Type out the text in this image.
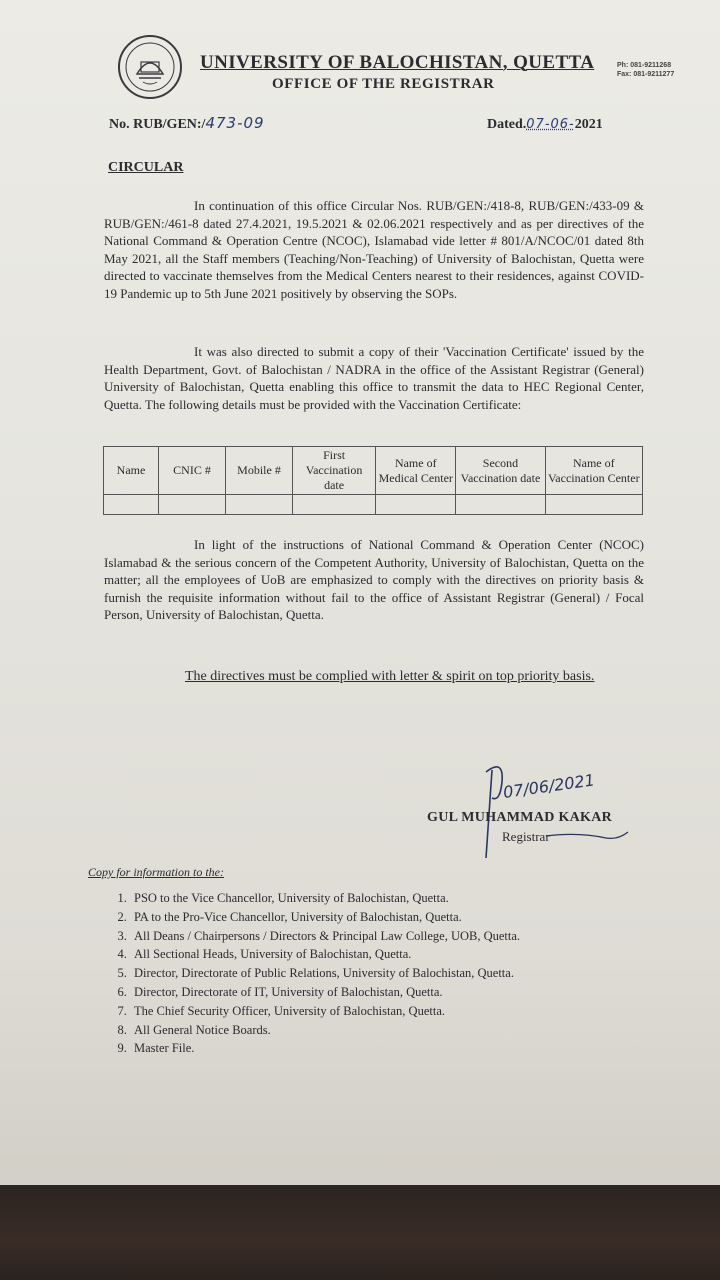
UNIVERSITY OF BALOCHISTAN, QUETTA
OFFICE OF THE REGISTRAR
Ph: 081-9211268
Fax: 081-9211277
No. RUB/GEN:/473-09	Dated.07-06-2021
CIRCULAR

In continuation of this office Circular Nos. RUB/GEN:/418-8, RUB/GEN:/433-09 & RUB/GEN:/461-8 dated 27.4.2021, 19.5.2021 & 02.06.2021 respectively and as per directives of the National Command & Operation Centre (NCOC), Islamabad vide letter # 801/A/NCOC/01 dated 8th May 2021, all the Staff members (Teaching/Non-Teaching) of University of Balochistan, Quetta were directed to vaccinate themselves from the Medical Centers nearest to their residences, against COVID-19 Pandemic up to 5th June 2021 positively by observing the SOPs.

It was also directed to submit a copy of their 'Vaccination Certificate' issued by the Health Department, Govt. of Balochistan / NADRA in the office of the Assistant Registrar (General) University of Balochistan, Quetta enabling this office to transmit the data to HEC Regional Center, Quetta. The following details must be provided with the Vaccination Certificate:

Name	CNIC #	Mobile #	First Vaccination date	Name of Medical Center	Second Vaccination date	Name of Vaccination Center

In light of the instructions of National Command & Operation Center (NCOC) Islamabad & the serious concern of the Competent Authority, University of Balochistan, Quetta on the matter; all the employees of UoB are emphasized to comply with the directives on priority basis & furnish the requisite information without fail to the office of Assistant Registrar (General) / Focal Person, University of Balochistan, Quetta.

The directives must be complied with letter & spirit on top priority basis.

07/06/2021
GUL MUHAMMAD KAKAR
Registrar
Copy for information to the:
1. PSO to the Vice Chancellor, University of Balochistan, Quetta.
2. PA to the Pro-Vice Chancellor, University of Balochistan, Quetta.
3. All Deans / Chairpersons / Directors & Principal Law College, UOB, Quetta.
4. All Sectional Heads, University of Balochistan, Quetta.
5. Director, Directorate of Public Relations, University of Balochistan, Quetta.
6. Director, Directorate of IT, University of Balochistan, Quetta.
7. The Chief Security Officer, University of Balochistan, Quetta.
8. All General Notice Boards.
9. Master File.
